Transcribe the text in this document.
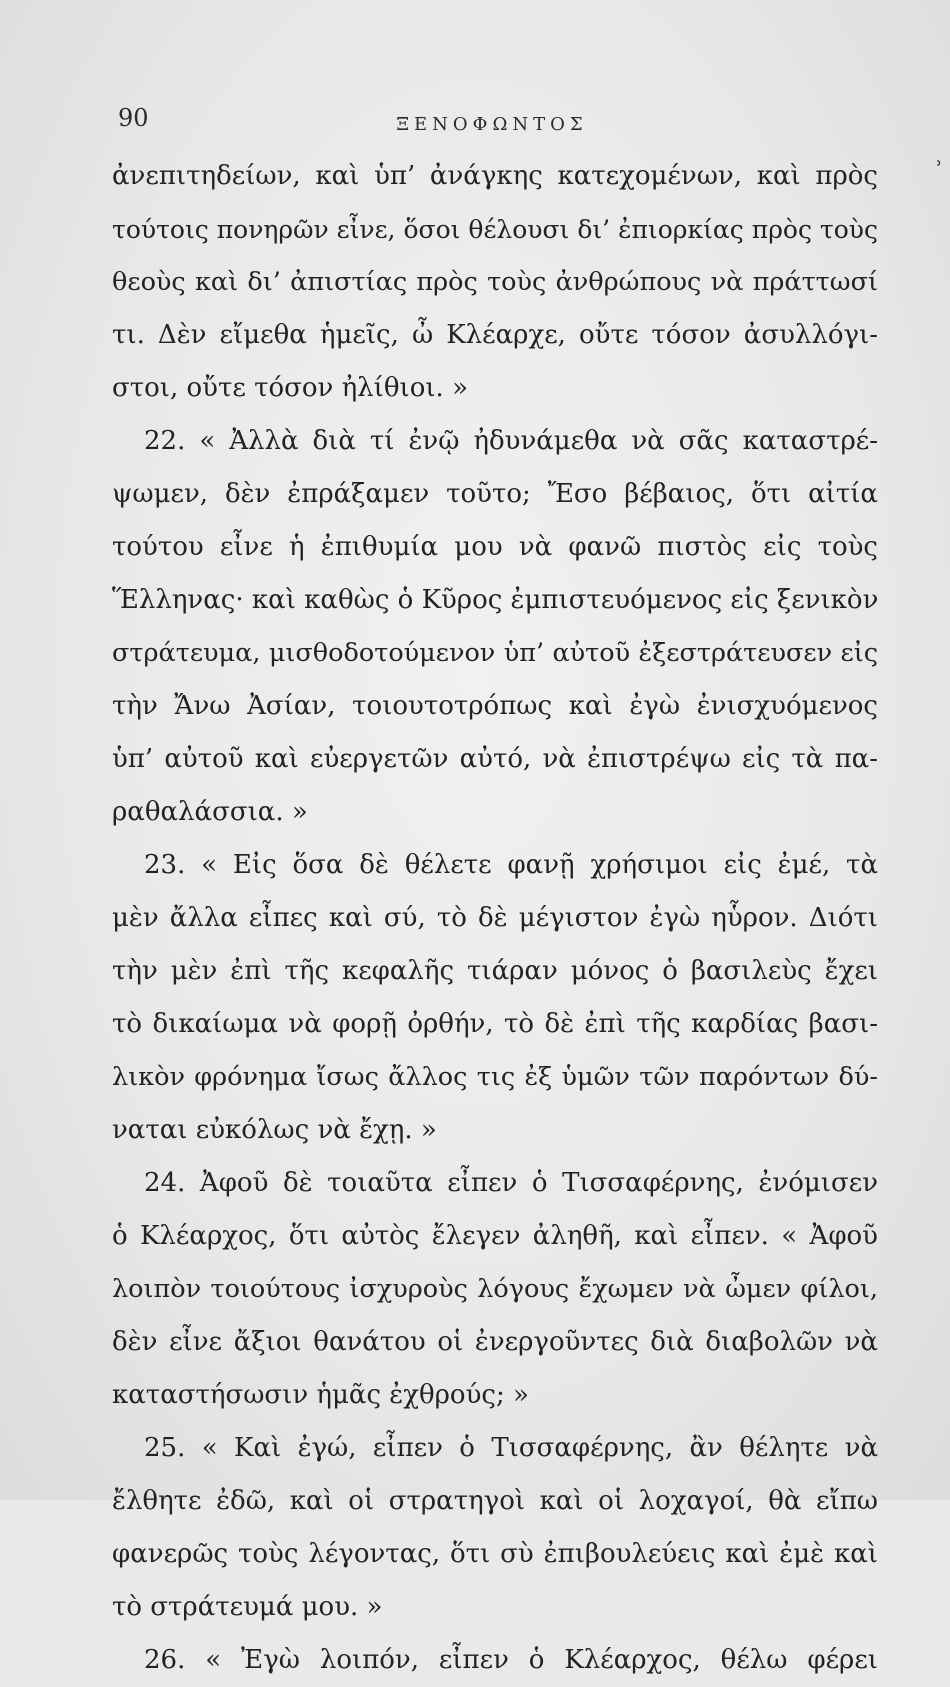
90	ΞΕΝΟΦΩΝΤΟΣ
ʾ
ἀνεπιτηδείων, καὶ ὑπ’ ἀνάγκης κατεχομένων, καὶ πρὸς
τούτοις πονηρῶν εἶνε, ὅσοι θέλουσι δι’ ἐπιορκίας πρὸς τοὺς
θεοὺς καὶ δι’ ἀπιστίας πρὸς τοὺς ἀνθρώπους νὰ πράττωσί
τι. Δὲν εἴμεθα ἡμεῖς, ὦ Κλέαρχε, οὔτε τόσον ἀσυλλόγι-
στοι, οὔτε τόσον ἠλίθιοι. »
22. « Ἀλλὰ διὰ τί ἐνῷ ἠδυνάμεθα νὰ σᾶς καταστρέ-
ψωμεν, δὲν ἐπράξαμεν τοῦτο; Ἔσο βέβαιος, ὅτι αἰτία
τούτου εἶνε ἡ ἐπιθυμία μου νὰ φανῶ πιστὸς εἰς τοὺς
Ἕλληνας· καὶ καθὼς ὁ Κῦρος ἐμπιστευόμενος εἰς ξενικὸν
στράτευμα, μισθοδοτούμενον ὑπ’ αὐτοῦ ἐξεστράτευσεν εἰς
τὴν Ἄνω Ἀσίαν, τοιουτοτρόπως καὶ ἐγὼ ἐνισχυόμενος
ὑπ’ αὐτοῦ καὶ εὐεργετῶν αὐτό, νὰ ἐπιστρέψω εἰς τὰ πα-
ραθαλάσσια. »
23. « Εἰς ὅσα δὲ θέλετε φανῇ χρήσιμοι εἰς ἐμέ, τὰ
μὲν ἄλλα εἶπες καὶ σύ, τὸ δὲ μέγιστον ἐγὼ ηὗρον. Διότι
τὴν μὲν ἐπὶ τῆς κεφαλῆς τιάραν μόνος ὁ βασιλεὺς ἔχει
τὸ δικαίωμα νὰ φορῇ ὀρθήν, τὸ δὲ ἐπὶ τῆς καρδίας βασι-
λικὸν φρόνημα ἴσως ἄλλος τις ἐξ ὑμῶν τῶν παρόντων δύ-
ναται εὐκόλως νὰ ἔχῃ. »
24. Ἀφοῦ δὲ τοιαῦτα εἶπεν ὁ Τισσαφέρνης, ἐνόμισεν
ὁ Κλέαρχος, ὅτι αὐτὸς ἔλεγεν ἀληθῆ, καὶ εἶπεν. « Ἀφοῦ
λοιπὸν τοιούτους ἰσχυροὺς λόγους ἔχωμεν νὰ ὦμεν φίλοι,
δὲν εἶνε ἄξιοι θανάτου οἱ ἐνεργοῦντες διὰ διαβολῶν νὰ
καταστήσωσιν ἡμᾶς ἐχθρούς; »
25. « Καὶ ἐγώ, εἶπεν ὁ Τισσαφέρνης, ἂν θέλητε νὰ
ἔλθητε ἐδῶ, καὶ οἱ στρατηγοὶ καὶ οἱ λοχαγοί, θὰ εἴπω
φανερῶς τοὺς λέγοντας, ὅτι σὺ ἐπιβουλεύεις καὶ ἐμὲ καὶ
τὸ στράτευμά μου. »
26. « Ἐγὼ λοιπόν, εἶπεν ὁ Κλέαρχος, θέλω φέρει
